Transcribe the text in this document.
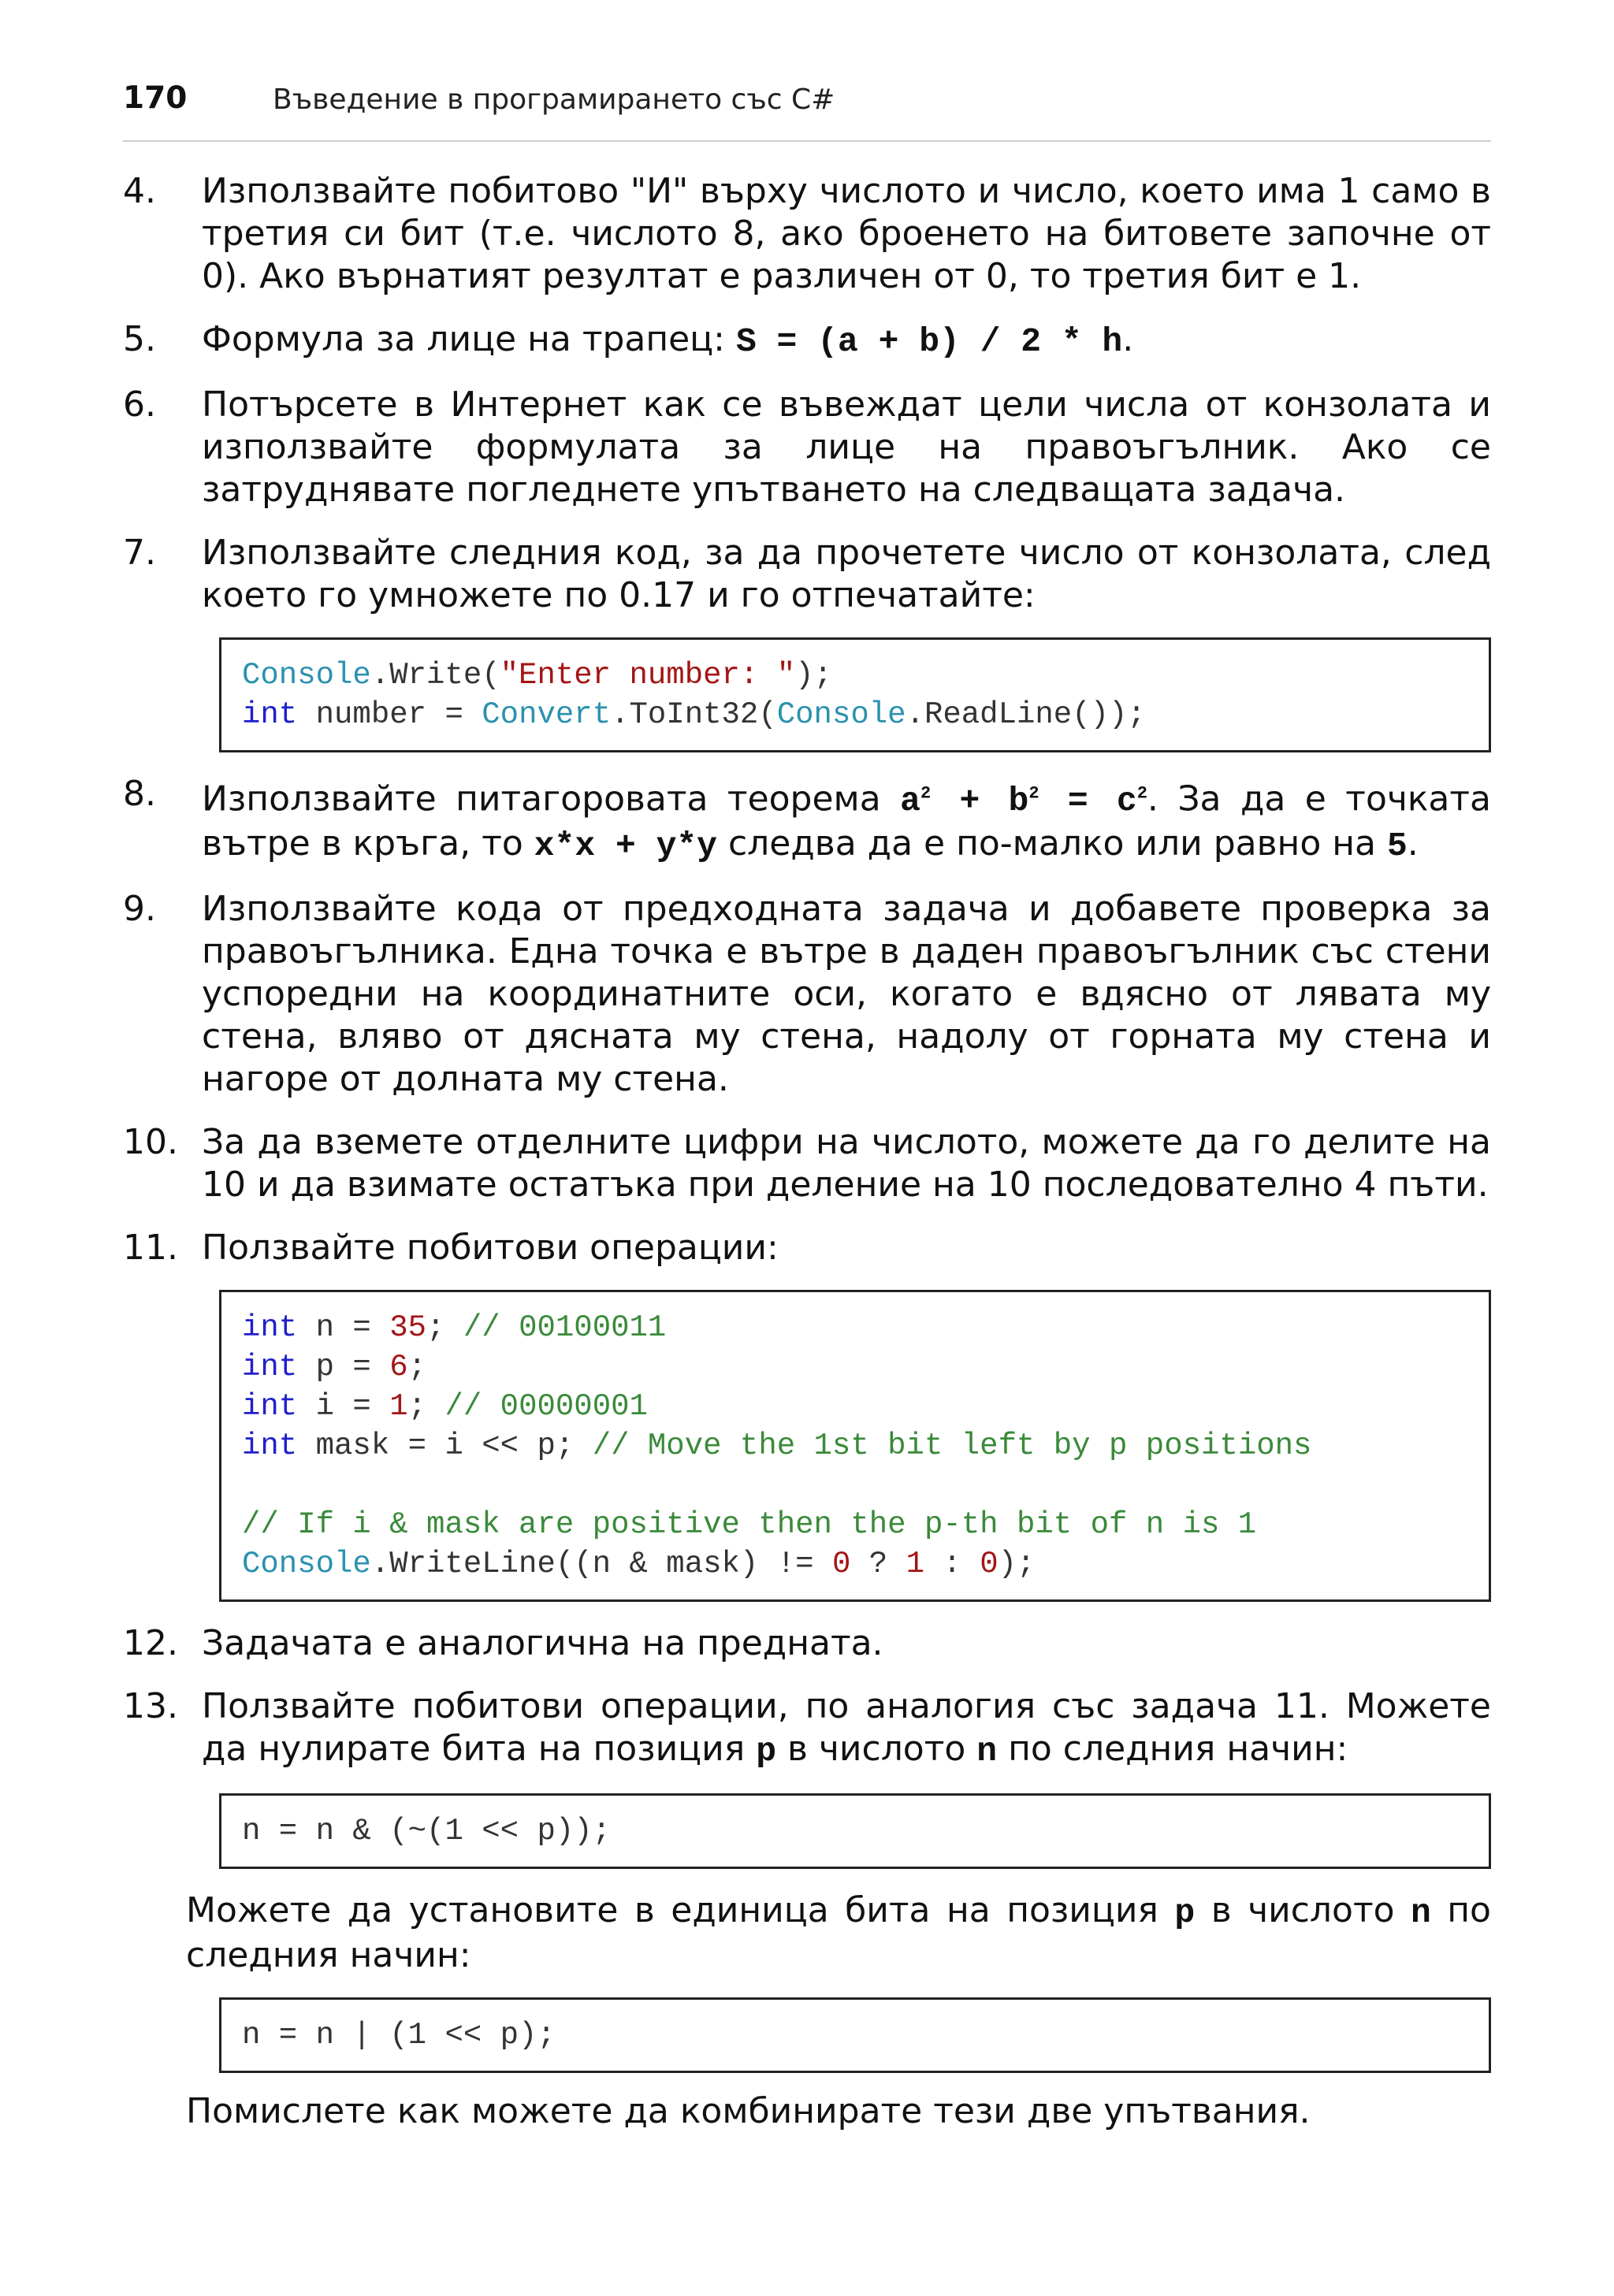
170	Въведение в програмирането със C#
4. Използвайте побитово "И" върху числото и число, което има 1 само в третия си бит (т.е. числото 8, ако броенето на битовете започне от 0). Ако върнатият резултат е различен от 0, то третия бит е 1.
5. Формула за лице на трапец: S = (a + b) / 2 * h.
6. Потърсете в Интернет как се въвеждат цели числа от конзолата и използвайте формулата за лице на правоъгълник. Ако се затруднявате погледнете упътването на следващата задача.
7. Използвайте следния код, за да прочетете число от конзолата, след което го умножете по 0.17 и го отпечатайте:
Console.Write("Enter number: ");
int number = Convert.ToInt32(Console.ReadLine());
8. Използвайте питагоровата теорема $a^2 + b^2 = c^2$. За да е точката вътре в кръга, то x*x + y*y следва да е по-малко или равно на 5.
9. Използвайте кода от предходната задача и добавете проверка за правоъгълника. Една точка е вътре в даден правоъгълник със стени успоредни на координатните оси, когато е вдясно от лявата му стена, вляво от дясната му стена, надолу от горната му стена и нагоре от долната му стена.
10. За да вземете отделните цифри на числото, можете да го делите на 10 и да взимате остатъка при деление на 10 последователно 4 пъти.
11. Ползвайте побитови операции:
int n = 35; // 00100011
int p = 6;
int i = 1; // 00000001
int mask = i << p; // Move the 1st bit left by p positions

// If i & mask are positive then the p-th bit of n is 1
Console.WriteLine((n & mask) != 0 ? 1 : 0);
12. Задачата е аналогична на предната.
13. Ползвайте побитови операции, по аналогия със задача 11. Можете да нулирате бита на позиция p в числото n по следния начин:
n = n & (~(1 << p));
Можете да установите в единица бита на позиция p в числото n по следния начин:
n = n | (1 << p);
Помислете как можете да комбинирате тези две упътвания.
